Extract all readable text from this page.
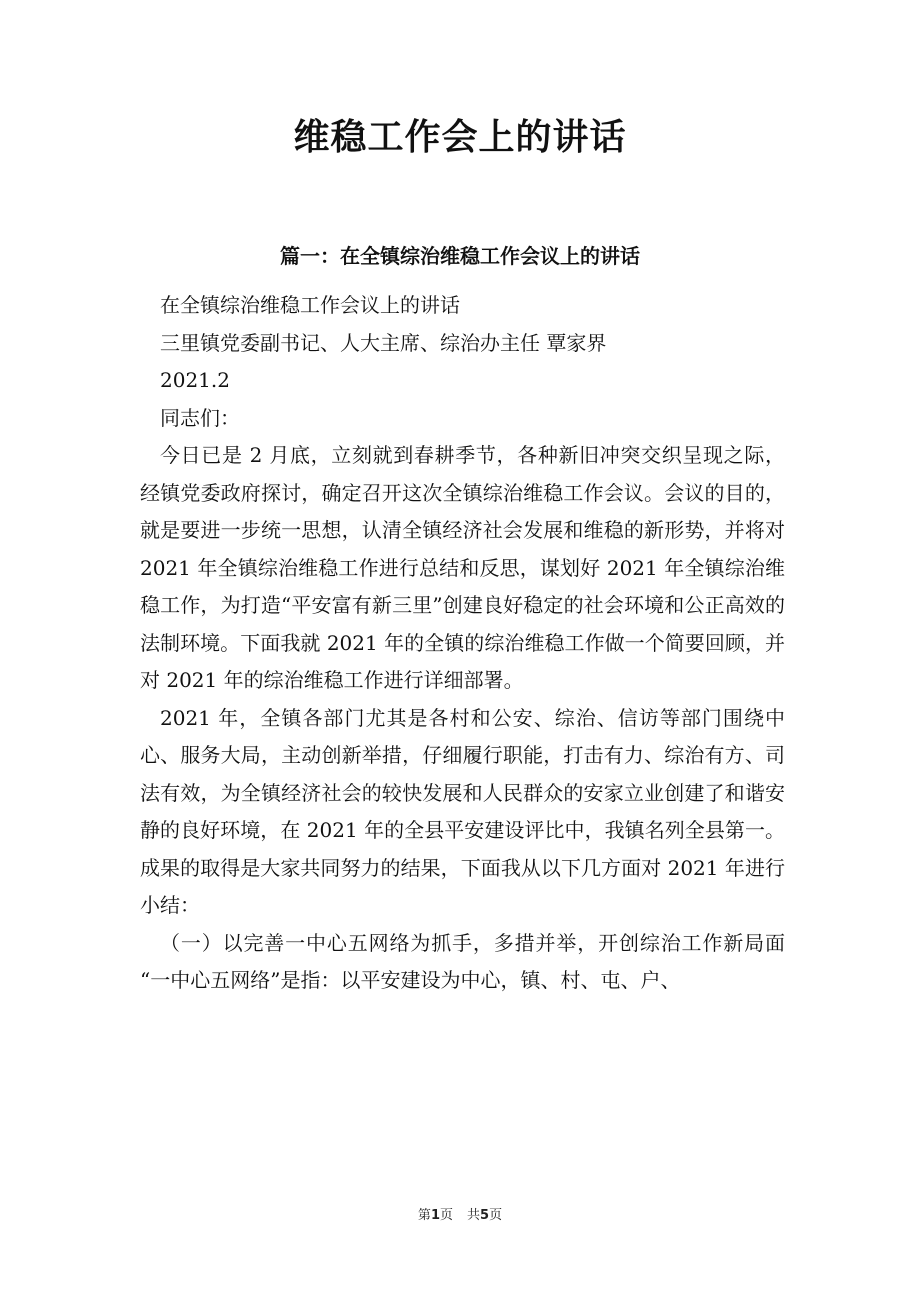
维稳工作会上的讲话
篇一：在全镇综治维稳工作会议上的讲话

在全镇综治维稳工作会议上的讲话

三里镇党委副书记、人大主席、综治办主任 覃家界

2021.2

同志们：

今日已是 2 月底，立刻就到春耕季节，各种新旧冲突交织呈现之际，经镇党委政府探讨，确定召开这次全镇综治维稳工作会议。会议的目的，就是要进一步统一思想，认清全镇经济社会发展和维稳的新形势，并将对 2021 年全镇综治维稳工作进行总结和反思，谋划好 2021 年全镇综治维稳工作，为打造“平安富有新三里”创建良好稳定的社会环境和公正高效的法制环境。下面我就 2021 年的全镇的综治维稳工作做一个简要回顾，并对 2021 年的综治维稳工作进行详细部署。

2021 年，全镇各部门尤其是各村和公安、综治、信访等部门围绕中心、服务大局，主动创新举措，仔细履行职能，打击有力、综治有方、司法有效，为全镇经济社会的较快发展和人民群众的安家立业创建了和谐安静的良好环境，在 2021 年的全县平安建设评比中，我镇名列全县第一。成果的取得是大家共同努力的结果，下面我从以下几方面对 2021 年进行小结：

（一）以完善一中心五网络为抓手，多措并举，开创综治工作新局面 “一中心五网络”是指：以平安建设为中心，镇、村、屯、户、

第1页 共5页
